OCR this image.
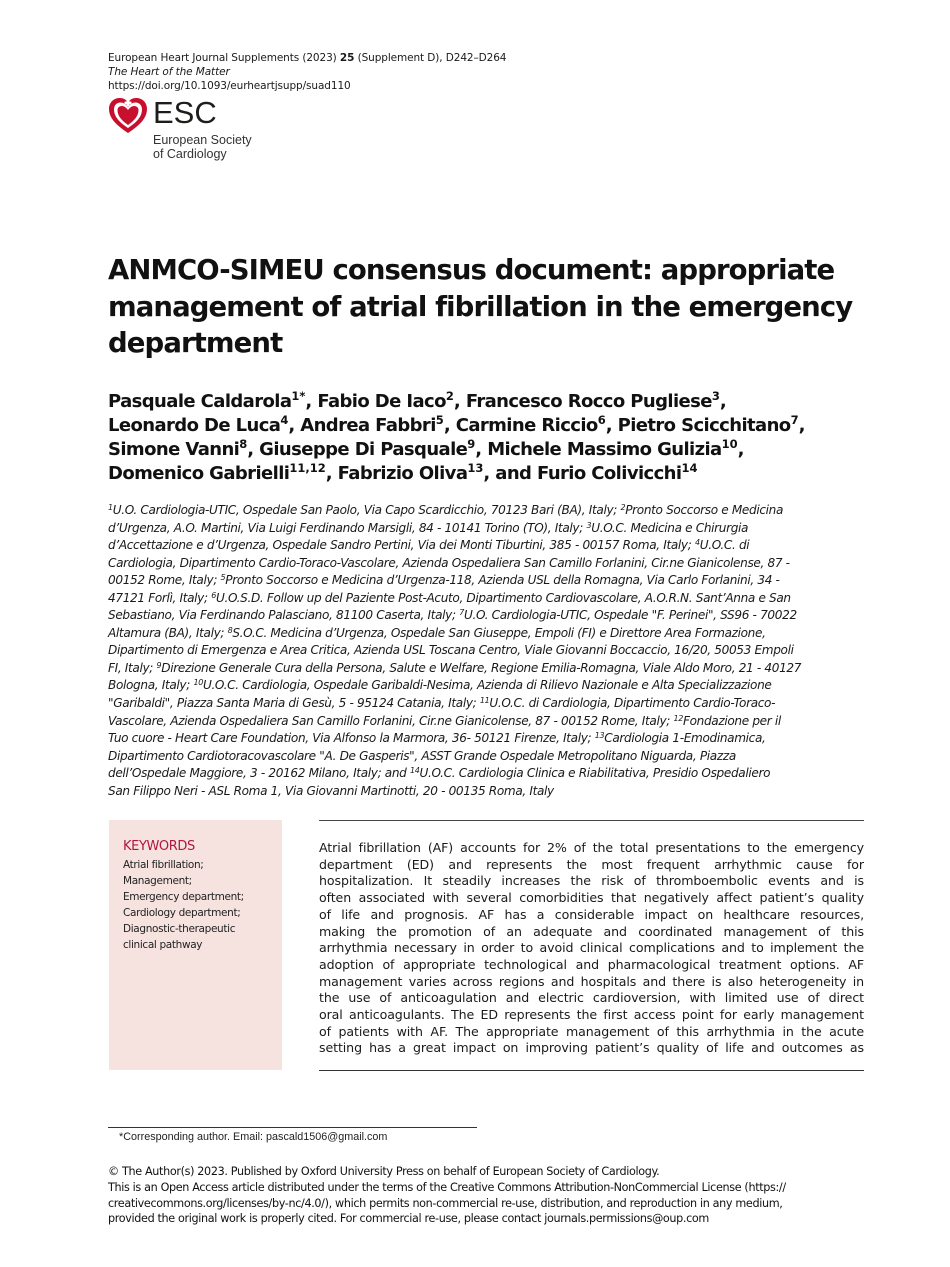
European Heart Journal Supplements (2023) 25 (Supplement D), D242–D264
The Heart of the Matter
https://doi.org/10.1093/eurheartjsupp/suad110
ESC
European Society
of Cardiology
ANMCO-SIMEU consensus document: appropriate
management of atrial fibrillation in the emergency
department
Pasquale Caldarola$^{1*}$, Fabio De Iaco$^2$, Francesco Rocco Pugliese$^3$,
Leonardo De Luca$^4$, Andrea Fabbri$^5$, Carmine Riccio$^6$, Pietro Scicchitano$^7$,
Simone Vanni$^8$, Giuseppe Di Pasquale$^9$, Michele Massimo Gulizia$^{10}$,
Domenico Gabrielli$^{11,12}$, Fabrizio Oliva$^{13}$, and Furio Colivicchi$^{14}$
$^1$U.O. Cardiologia-UTIC, Ospedale San Paolo, Via Capo Scardicchio, 70123 Bari (BA), Italy; $^2$Pronto Soccorso e Medicina
d’Urgenza, A.O. Martini, Via Luigi Ferdinando Marsigli, 84 - 10141 Torino (TO), Italy; $^3$U.O.C. Medicina e Chirurgia
d’Accettazione e d’Urgenza, Ospedale Sandro Pertini, Via dei Monti Tiburtini, 385 - 00157 Roma, Italy; $^4$U.O.C. di
Cardiologia, Dipartimento Cardio-Toraco-Vascolare, Azienda Ospedaliera San Camillo Forlanini, Cir.ne Gianicolense, 87 -
00152 Rome, Italy; $^5$Pronto Soccorso e Medicina d’Urgenza-118, Azienda USL della Romagna, Via Carlo Forlanini, 34 -
47121 Forlì, Italy; $^6$U.O.S.D. Follow up del Paziente Post-Acuto, Dipartimento Cardiovascolare, A.O.R.N. Sant’Anna e San
Sebastiano, Via Ferdinando Palasciano, 81100 Caserta, Italy; $^7$U.O. Cardiologia-UTIC, Ospedale "F. Perinei", SS96 - 70022
Altamura (BA), Italy; $^8$S.O.C. Medicina d’Urgenza, Ospedale San Giuseppe, Empoli (FI) e Direttore Area Formazione,
Dipartimento di Emergenza e Area Critica, Azienda USL Toscana Centro, Viale Giovanni Boccaccio, 16/20, 50053 Empoli
FI, Italy; $^9$Direzione Generale Cura della Persona, Salute e Welfare, Regione Emilia-Romagna, Viale Aldo Moro, 21 - 40127
Bologna, Italy; $^{10}$U.O.C. Cardiologia, Ospedale Garibaldi-Nesima, Azienda di Rilievo Nazionale e Alta Specializzazione
"Garibaldi", Piazza Santa Maria di Gesù, 5 - 95124 Catania, Italy; $^{11}$U.O.C. di Cardiologia, Dipartimento Cardio-Toraco-
Vascolare, Azienda Ospedaliera San Camillo Forlanini, Cir.ne Gianicolense, 87 - 00152 Rome, Italy; $^{12}$Fondazione per il
Tuo cuore - Heart Care Foundation, Via Alfonso la Marmora, 36- 50121 Firenze, Italy; $^{13}$Cardiologia 1-Emodinamica,
Dipartimento Cardiotoracovascolare "A. De Gasperis", ASST Grande Ospedale Metropolitano Niguarda, Piazza
dell’Ospedale Maggiore, 3 - 20162 Milano, Italy; and $^{14}$U.O.C. Cardiologia Clinica e Riabilitativa, Presidio Ospedaliero
San Filippo Neri - ASL Roma 1, Via Giovanni Martinotti, 20 - 00135 Roma, Italy
KEYWORDS
Atrial fibrillation;
Management;
Emergency department;
Cardiology department;
Diagnostic-therapeutic
clinical pathway
Atrial fibrillation (AF) accounts for 2% of the total presentations to the emergency
department (ED) and represents the most frequent arrhythmic cause for
hospitalization. It steadily increases the risk of thromboembolic events and is
often associated with several comorbidities that negatively affect patient’s quality
of life and prognosis. AF has a considerable impact on healthcare resources,
making the promotion of an adequate and coordinated management of this
arrhythmia necessary in order to avoid clinical complications and to implement the
adoption of appropriate technological and pharmacological treatment options. AF
management varies across regions and hospitals and there is also heterogeneity in
the use of anticoagulation and electric cardioversion, with limited use of direct
oral anticoagulants. The ED represents the first access point for early management
of patients with AF. The appropriate management of this arrhythmia in the acute
setting has a great impact on improving patient’s quality of life and outcomes as
*Corresponding author. Email: pascald1506@gmail.com
© The Author(s) 2023. Published by Oxford University Press on behalf of European Society of Cardiology.
This is an Open Access article distributed under the terms of the Creative Commons Attribution-NonCommercial License (https://
creativecommons.org/licenses/by-nc/4.0/), which permits non-commercial re-use, distribution, and reproduction in any medium,
provided the original work is properly cited. For commercial re-use, please contact journals.permissions@oup.com
